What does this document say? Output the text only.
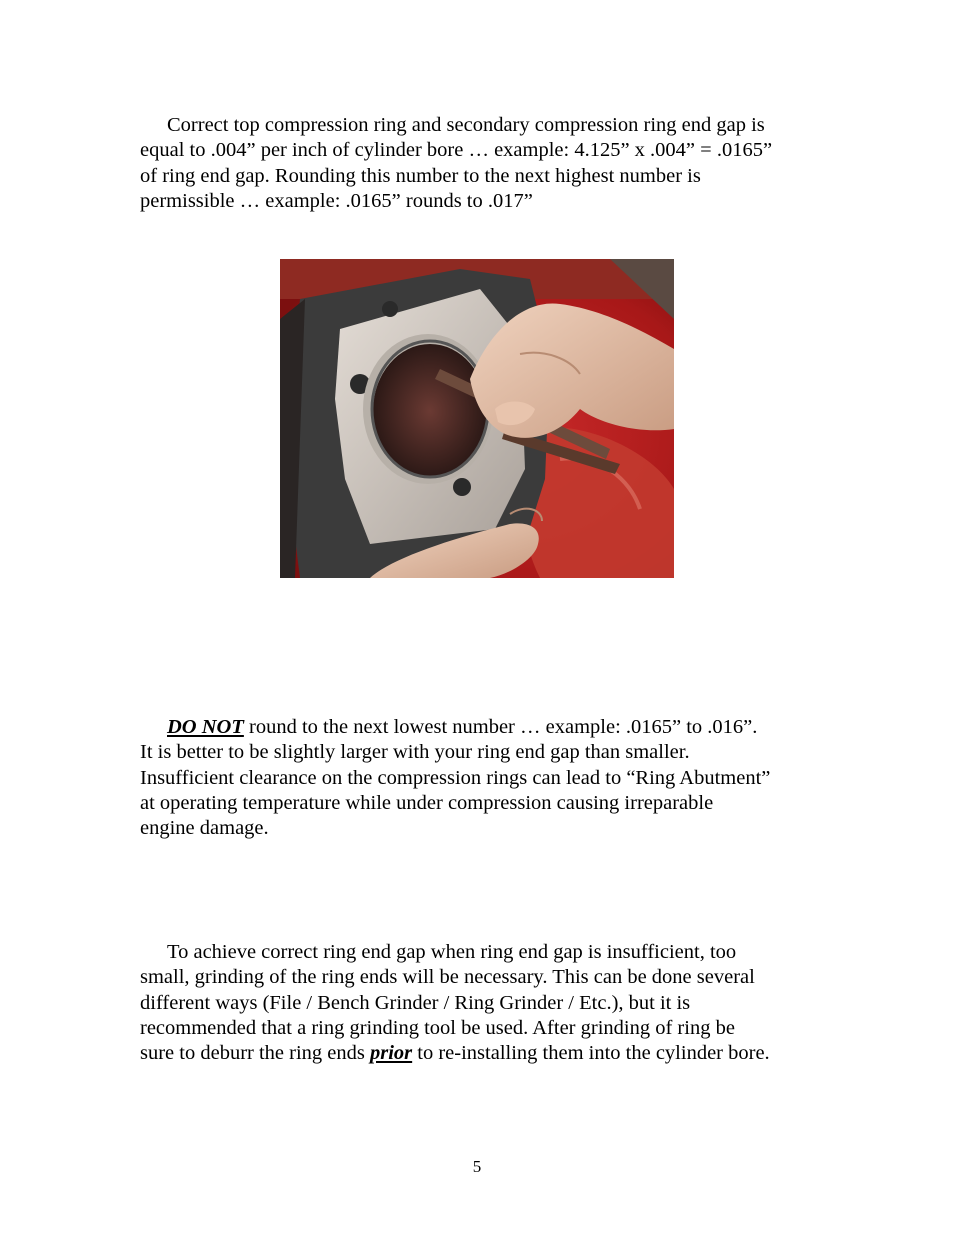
Correct top compression ring and secondary compression ring end gap is
equal to .004” per inch of cylinder bore … example: 4.125” x .004” = .0165”
of ring end gap. Rounding this number to the next highest number is
permissible … example: .0165” rounds to .017”
DO NOT round to the next lowest number … example: .0165” to .016”.
It is better to be slightly larger with your ring end gap than smaller.
Insufficient clearance on the compression rings can lead to “Ring Abutment”
at operating temperature while under compression causing irreparable
engine damage.
To achieve correct ring end gap when ring end gap is insufficient, too
small, grinding of the ring ends will be necessary. This can be done several
different ways (File / Bench Grinder / Ring Grinder / Etc.), but it is
recommended that a ring grinding tool be used. After grinding of ring be
sure to deburr the ring ends prior to re-installing them into the cylinder bore.
5
